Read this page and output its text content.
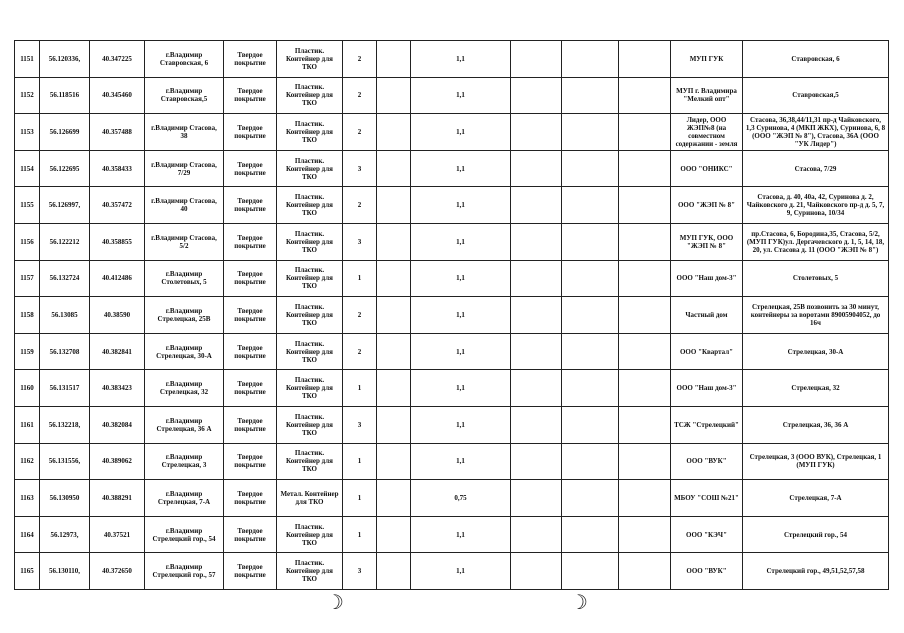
1151	56.120336,	40.347225	г.Владимир Ставровская, 6	Твердое покрытие	Пластик. Контейнер для ТКО	2		1,1				МУП ГУК	Ставровская, 6
1152	56.118516	40.345460	г.Владимир Ставровская,5	Твердое покрытие	Пластик. Контейнер для ТКО	2		1,1				МУП г. Владимира "Мелкий опт"	Ставровская,5
1153	56.126699	40.357488	г.Владимир Стасова, 38	Твердое покрытие	Пластик. Контейнер для ТКО	2		1,1				Лидер, ООО ЖЭП№8 (на совместном содержании - земля	Стасова, 36,38,44/11,31 пр-д Чайковского, 1,3 Суринова, 4 (МКП ЖКХ), Суринова, 6, 8 (ООО "ЖЭП № 8"), Стасова, 36А (ООО "УК Лидер")
1154	56.122695	40.358433	г.Владимир Стасова, 7/29	Твердое покрытие	Пластик. Контейнер для ТКО	3		1,1				ООО "ОНИКС"	Стасова, 7/29
1155	56.126997,	40.357472	г.Владимир Стасова, 40	Твердое покрытие	Пластик. Контейнер для ТКО	2		1,1				ООО "ЖЭП № 8"	Стасова, д. 40, 40а, 42, Суринова д. 2, Чайковского д. 21, Чайковского пр-д д. 5, 7, 9, Суринова, 10/34
1156	56.122212	40.358855	г.Владимир Стасова, 5/2	Твердое покрытие	Пластик. Контейнер для ТКО	3		1,1				МУП ГУК, ООО "ЖЭП № 8"	пр.Стасова, 6, Бородина,35, Стасова, 5/2, (МУП ГУК)ул. Дергачевского д. 1, 5, 14, 18, 20, ул. Стасова д. 11 (ООО "ЖЭП № 8")
1157	56.132724	40.412486	г.Владимир Столетовых, 5	Твердое покрытие	Пластик. Контейнер для ТКО	1		1,1				ООО "Наш дом-3"	Столетовых, 5
1158	56.13085	40.38590	г.Владимир Стрелецкая, 25В	Твердое покрытие	Пластик. Контейнер для ТКО	2		1,1				Частный дом	Стрелецкая, 25В позвонить за 30 минут, контейнеры за воротами 89005904052, до 16ч
1159	56.132708	40.382841	г.Владимир Стрелецкая, 30-А	Твердое покрытие	Пластик. Контейнер для ТКО	2		1,1				ООО "Квартал"	Стрелецкая, 30-А
1160	56.131517	40.383423	г.Владимир Стрелецкая, 32	Твердое покрытие	Пластик. Контейнер для ТКО	1		1,1				ООО "Наш дом-3"	Стрелецкая, 32
1161	56.132218,	40.382084	г.Владимир Стрелецкая, 36 А	Твердое покрытие	Пластик. Контейнер для ТКО	3		1,1				ТСЖ "Стрелецкий"	Стрелецкая, 36, 36 А
1162	56.131556,	40.389062	г.Владимир Стрелецкая, 3	Твердое покрытие	Пластик. Контейнер для ТКО	1		1,1				ООО "ВУК"	Стрелецкая, 3 (ООО ВУК), Стрелецкая, 1 (МУП ГУК)
1163	56.130950	40.388291	г.Владимир Стрелецкая, 7-А	Твердое покрытие	Метал. Контейнер для ТКО	1		0,75				МБОУ "СОШ №21"	Стрелецкая, 7-А
1164	56.12973,	40.37521	г.Владимир Стрелецкий гор., 54	Твердое покрытие	Пластик. Контейнер для ТКО	1		1,1				ООО "КЭЧ"	Стрелецкий гор., 54
1165	56.130110,	40.372650	г.Владимир Стрелецкий гор., 57	Твердое покрытие	Пластик. Контейнер для ТКО	3		1,1				ООО "ВУК"	Стрелецкий гор., 49,51,52,57,58
☽	☽
